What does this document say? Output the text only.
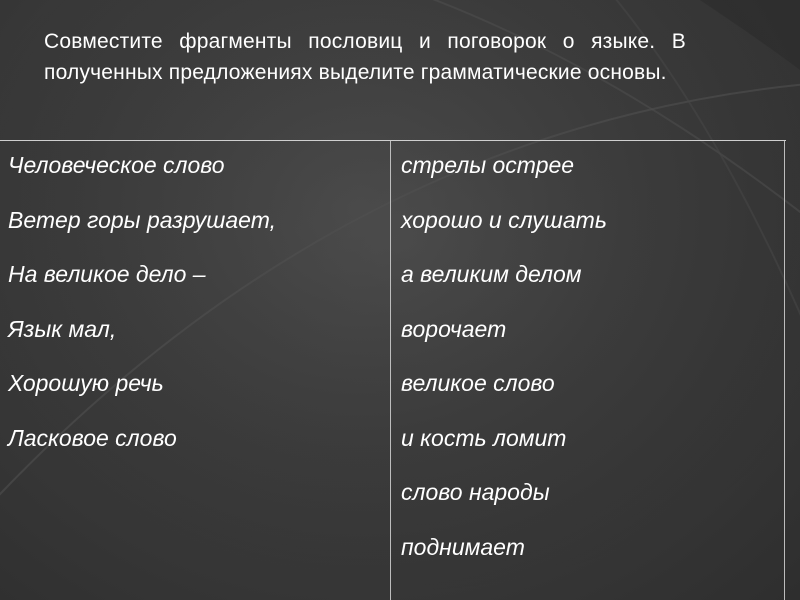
Совместите фрагменты пословиц и поговорок о языке. В полученных предложениях выделите грамматические основы.
Человеческое слово
Ветер горы разрушает,
На великое дело –
Язык мал,
Хорошую речь
Ласковое слово
стрелы острее
хорошо и слушать
а великим делом
ворочает
великое слово
и кость ломит
слово народы
поднимает
